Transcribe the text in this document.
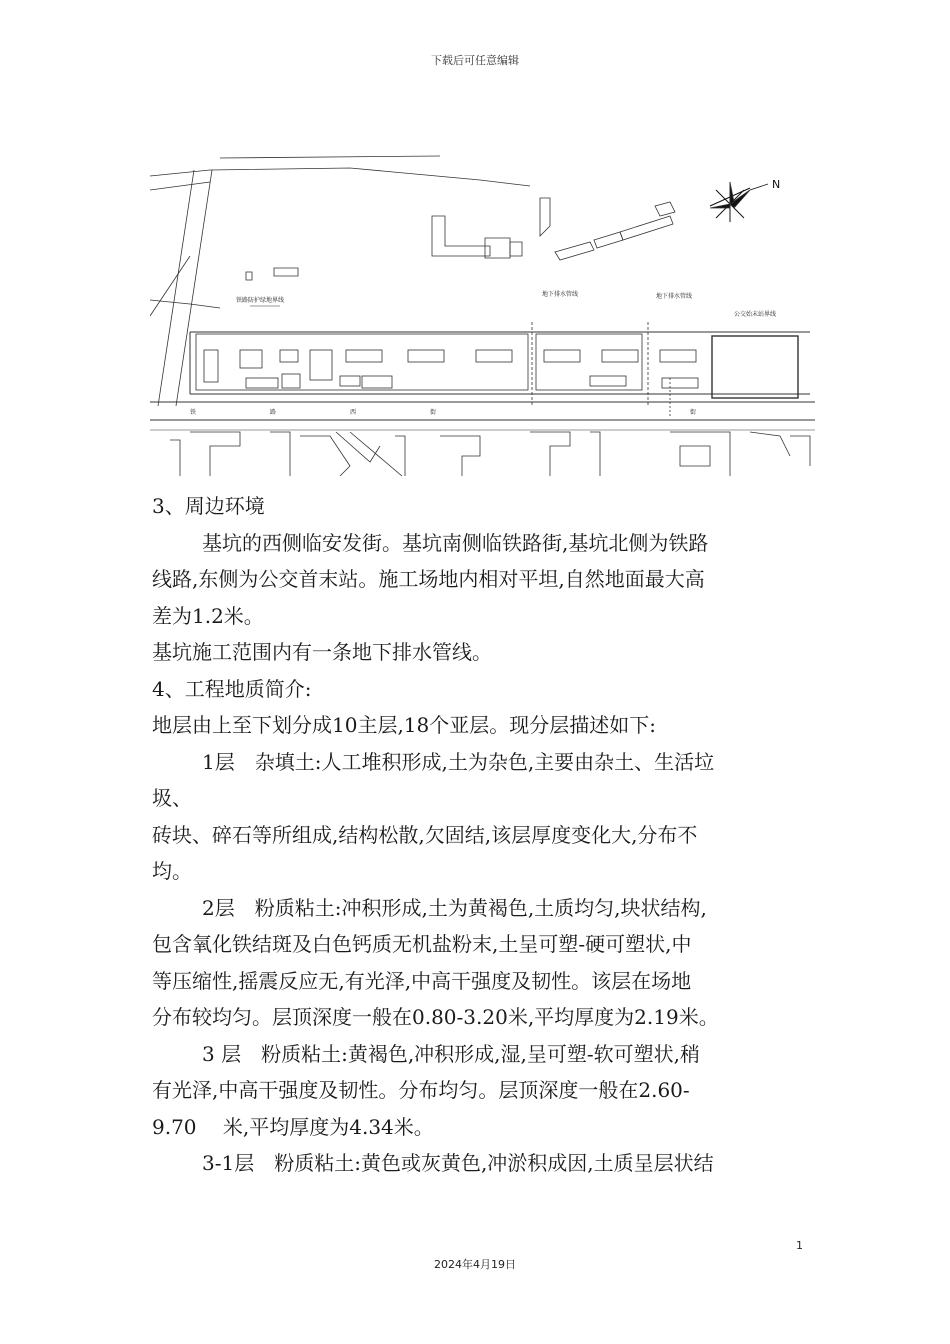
下载后可任意编辑
N
铁路防护绿地界线
地下排水管线	地下排水管线
公交始末站界线
铁	路	西	街	街

3、周边环境

基坑的西侧临安发街。基坑南侧临铁路街,基坑北侧为铁路

线路,东侧为公交首末站。施工场地内相对平坦,自然地面最大高

差为1.2米。

基坑施工范围内有一条地下排水管线。

4、工程地质简介:

地层由上至下划分成10主层,18个亚层。现分层描述如下:

1层　杂填土:人工堆积形成,土为杂色,主要由杂土、生活垃

圾、

砖块、碎石等所组成,结构松散,欠固结,该层厚度变化大,分布不

均。

2层　粉质粘土:冲积形成,土为黄褐色,土质均匀,块状结构,

包含氧化铁结斑及白色钙质无机盐粉末,土呈可塑-硬可塑状,中

等压缩性,摇震反应无,有光泽,中高干强度及韧性。该层在场地

分布较均匀。层顶深度一般在0.80-3.20米,平均厚度为2.19米。

3 层　粉质粘土:黄褐色,冲积形成,湿,呈可塑-软可塑状,稍

有光泽,中高干强度及韧性。分布均匀。层顶深度一般在2.60-

9.70　 米,平均厚度为4.34米。

3-1层　粉质粘土:黄色或灰黄色,冲淤积成因,土质呈层状结

1
2024年4月19日
